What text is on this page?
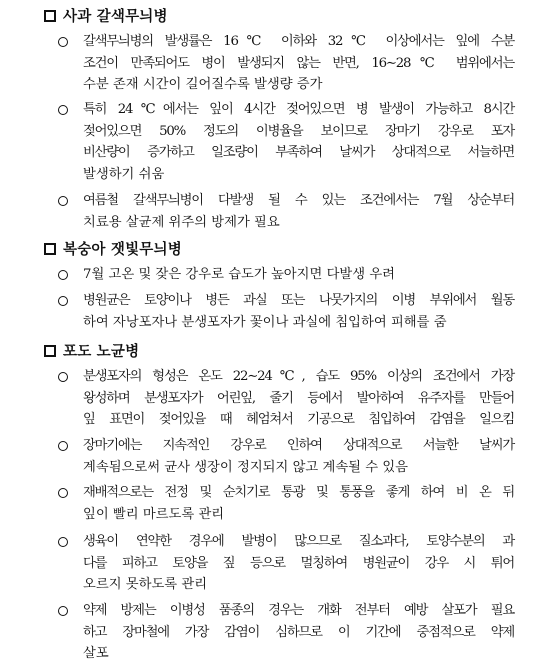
사과 갈색무늬병
갈색무늬병의 발생률은 16℃ 이하와 32℃ 이상에서는 잎에 수분
조건이 만족되어도 병이 발생되지 않는 반면, 16∼28℃ 범위에서는
수분 존재 시간이 길어질수록 발생량 증가
특히 24℃에서는 잎이 4시간 젖어있으면 병 발생이 가능하고 8시간
젖어있으면 50% 정도의 이병율을 보이므로 장마기 강우로 포자
비산량이 증가하고 일조량이 부족하여 날씨가 상대적으로 서늘하면
발생하기 쉬움
여름철 갈색무늬병이 다발생 될 수 있는 조건에서는 7월 상순부터
치료용 살균제 위주의 방제가 필요
복숭아 잿빛무늬병
7월 고온 및 잦은 강우로 습도가 높아지면 다발생 우려
병원균은 토양이나 병든 과실 또는 나뭇가지의 이병 부위에서 월동
하여 자낭포자나 분생포자가 꽃이나 과실에 침입하여 피해를 줌
포도 노균병
분생포자의 형성은 온도 22∼24℃, 습도 95% 이상의 조건에서 가장
왕성하며 분생포자가 어린잎, 줄기 등에서 발아하여 유주자를 만들어
잎 표면이 젖어있을 때 헤엄쳐서 기공으로 침입하여 감염을 일으킴
장마기에는 지속적인 강우로 인하여 상대적으로 서늘한 날씨가
계속됨으로써 균사 생장이 정지되지 않고 계속될 수 있음
재배적으로는 전정 및 순치기로 통광 및 통풍을 좋게 하여 비 온 뒤
잎이 빨리 마르도록 관리
생육이 연약한 경우에 발병이 많으므로 질소과다, 토양수분의 과
다를 피하고 토양을 짚 등으로 멀칭하여 병원균이 강우 시 튀어
오르지 못하도록 관리
약제 방제는 이병성 품종의 경우는 개화 전부터 예방 살포가 필요
하고 장마철에 가장 감염이 심하므로 이 기간에 중점적으로 약제
살포
